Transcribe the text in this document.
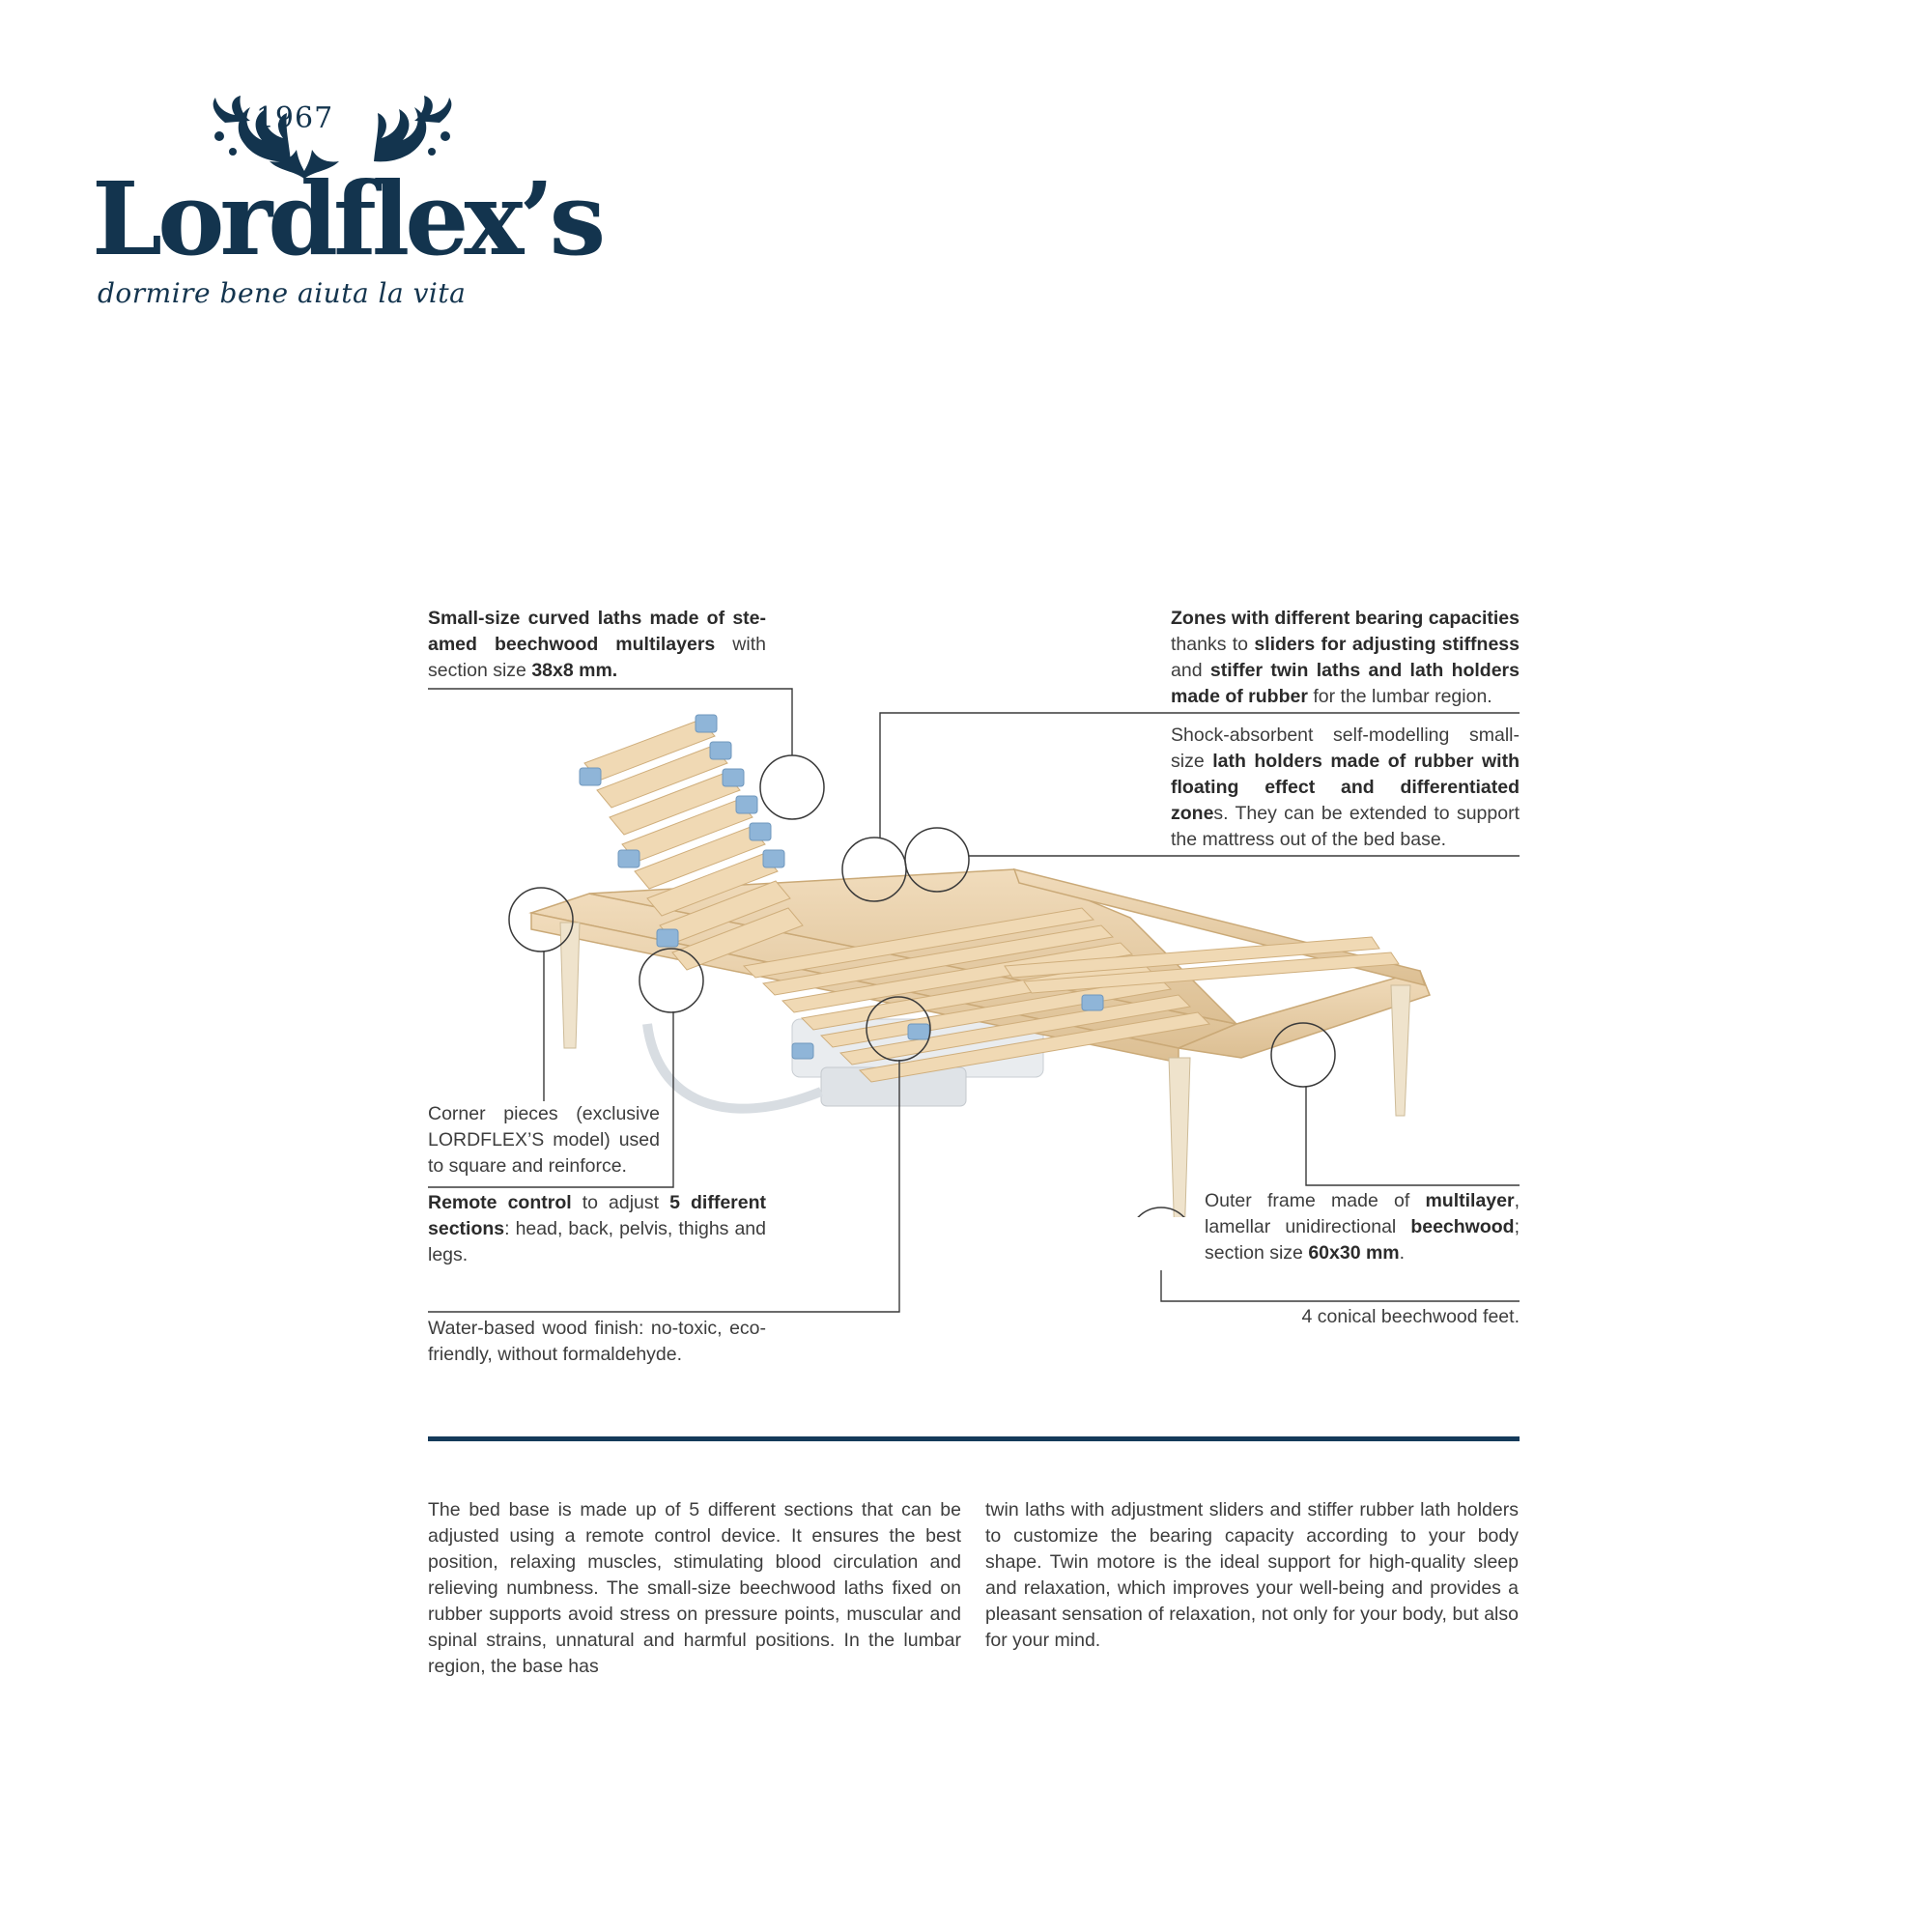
1967
Lordflex’s
dormire bene aiuta la vita
Small-size curved laths made of ste-amed beechwood multilayers with section size 38x8 mm.
Zones with different bearing capacities thanks to sliders for adjusting stiffness and stiffer twin laths and lath holders made of rubber for the lumbar region.
Shock-absorbent self-modelling small-size lath holders made of rubber with floating effect and differentiated zones. They can be extended to support the mattress out of the bed base.
Corner pieces (exclusive LORDFLEX’S model) used to square and reinforce.
Remote control to adjust 5 different sections: head, back, pelvis, thighs and legs.
Water-based wood finish: no-toxic, eco-friendly, without formaldehyde.
Outer frame made of multilayer, lamellar unidirectional beechwood; section size 60x30 mm.
4 conical beechwood feet.
The bed base is made up of 5 different sections that can be adjusted using a remote control device. It ensures the best position, relaxing muscles, stimulating blood circulation and relieving numbness. The small-size beechwood laths fixed on rubber supports avoid stress on pressure points, muscular and spinal strains, unnatural and harmful positions. In the lumbar region, the base has
twin laths with adjustment sliders and stiffer rubber lath holders to customize the bearing capacity according to your body shape. Twin motore is the ideal support for high-quality sleep and relaxation, which improves your well-being and provides a pleasant sensation of relaxation, not only for your body, but also for your mind.
